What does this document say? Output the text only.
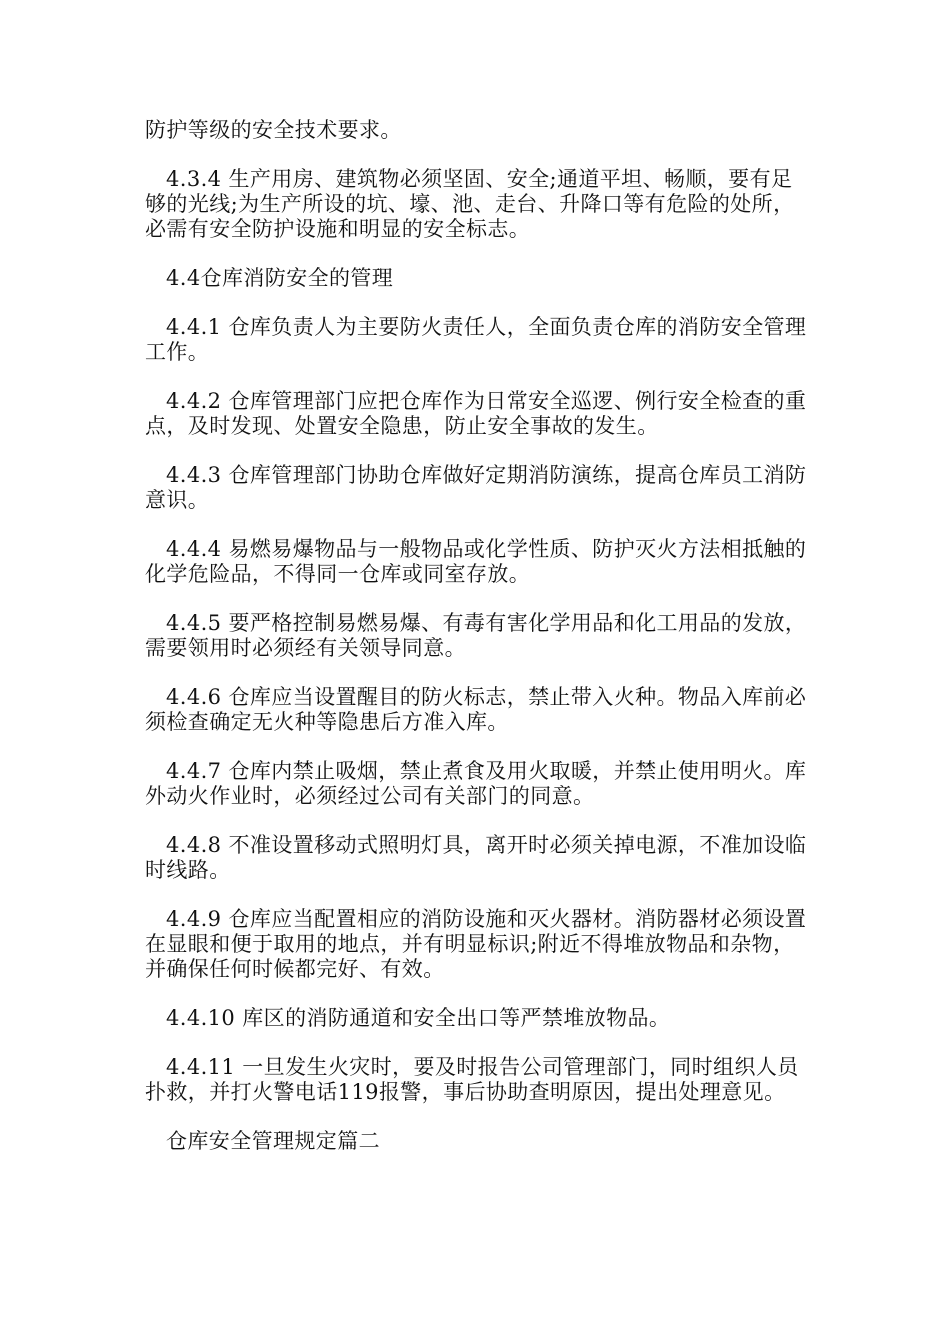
防护等级的安全技术要求。

4.3.4 生产用房、建筑物必须坚固、安全;通道平坦、畅顺，要有足够的光线;为生产所设的坑、壕、池、走台、升降口等有危险的处所，必需有安全防护设施和明显的安全标志。

4.4仓库消防安全的管理

4.4.1 仓库负责人为主要防火责任人，全面负责仓库的消防安全管理工作。

4.4.2 仓库管理部门应把仓库作为日常安全巡逻、例行安全检查的重点，及时发现、处置安全隐患，防止安全事故的发生。

4.4.3 仓库管理部门协助仓库做好定期消防演练，提高仓库员工消防意识。

4.4.4 易燃易爆物品与一般物品或化学性质、防护灭火方法相抵触的化学危险品，不得同一仓库或同室存放。

4.4.5 要严格控制易燃易爆、有毒有害化学用品和化工用品的发放，需要领用时必须经有关领导同意。

4.4.6 仓库应当设置醒目的防火标志，禁止带入火种。物品入库前必须检查确定无火种等隐患后方准入库。

4.4.7 仓库内禁止吸烟，禁止煮食及用火取暖，并禁止使用明火。库外动火作业时，必须经过公司有关部门的同意。

4.4.8 不准设置移动式照明灯具，离开时必须关掉电源，不准加设临时线路。

4.4.9 仓库应当配置相应的消防设施和灭火器材。消防器材必须设置在显眼和便于取用的地点，并有明显标识;附近不得堆放物品和杂物，并确保任何时候都完好、有效。

4.4.10 库区的消防通道和安全出口等严禁堆放物品。

4.4.11 一旦发生火灾时，要及时报告公司管理部门，同时组织人员扑救，并打火警电话119报警，事后协助查明原因，提出处理意见。

仓库安全管理规定篇二
